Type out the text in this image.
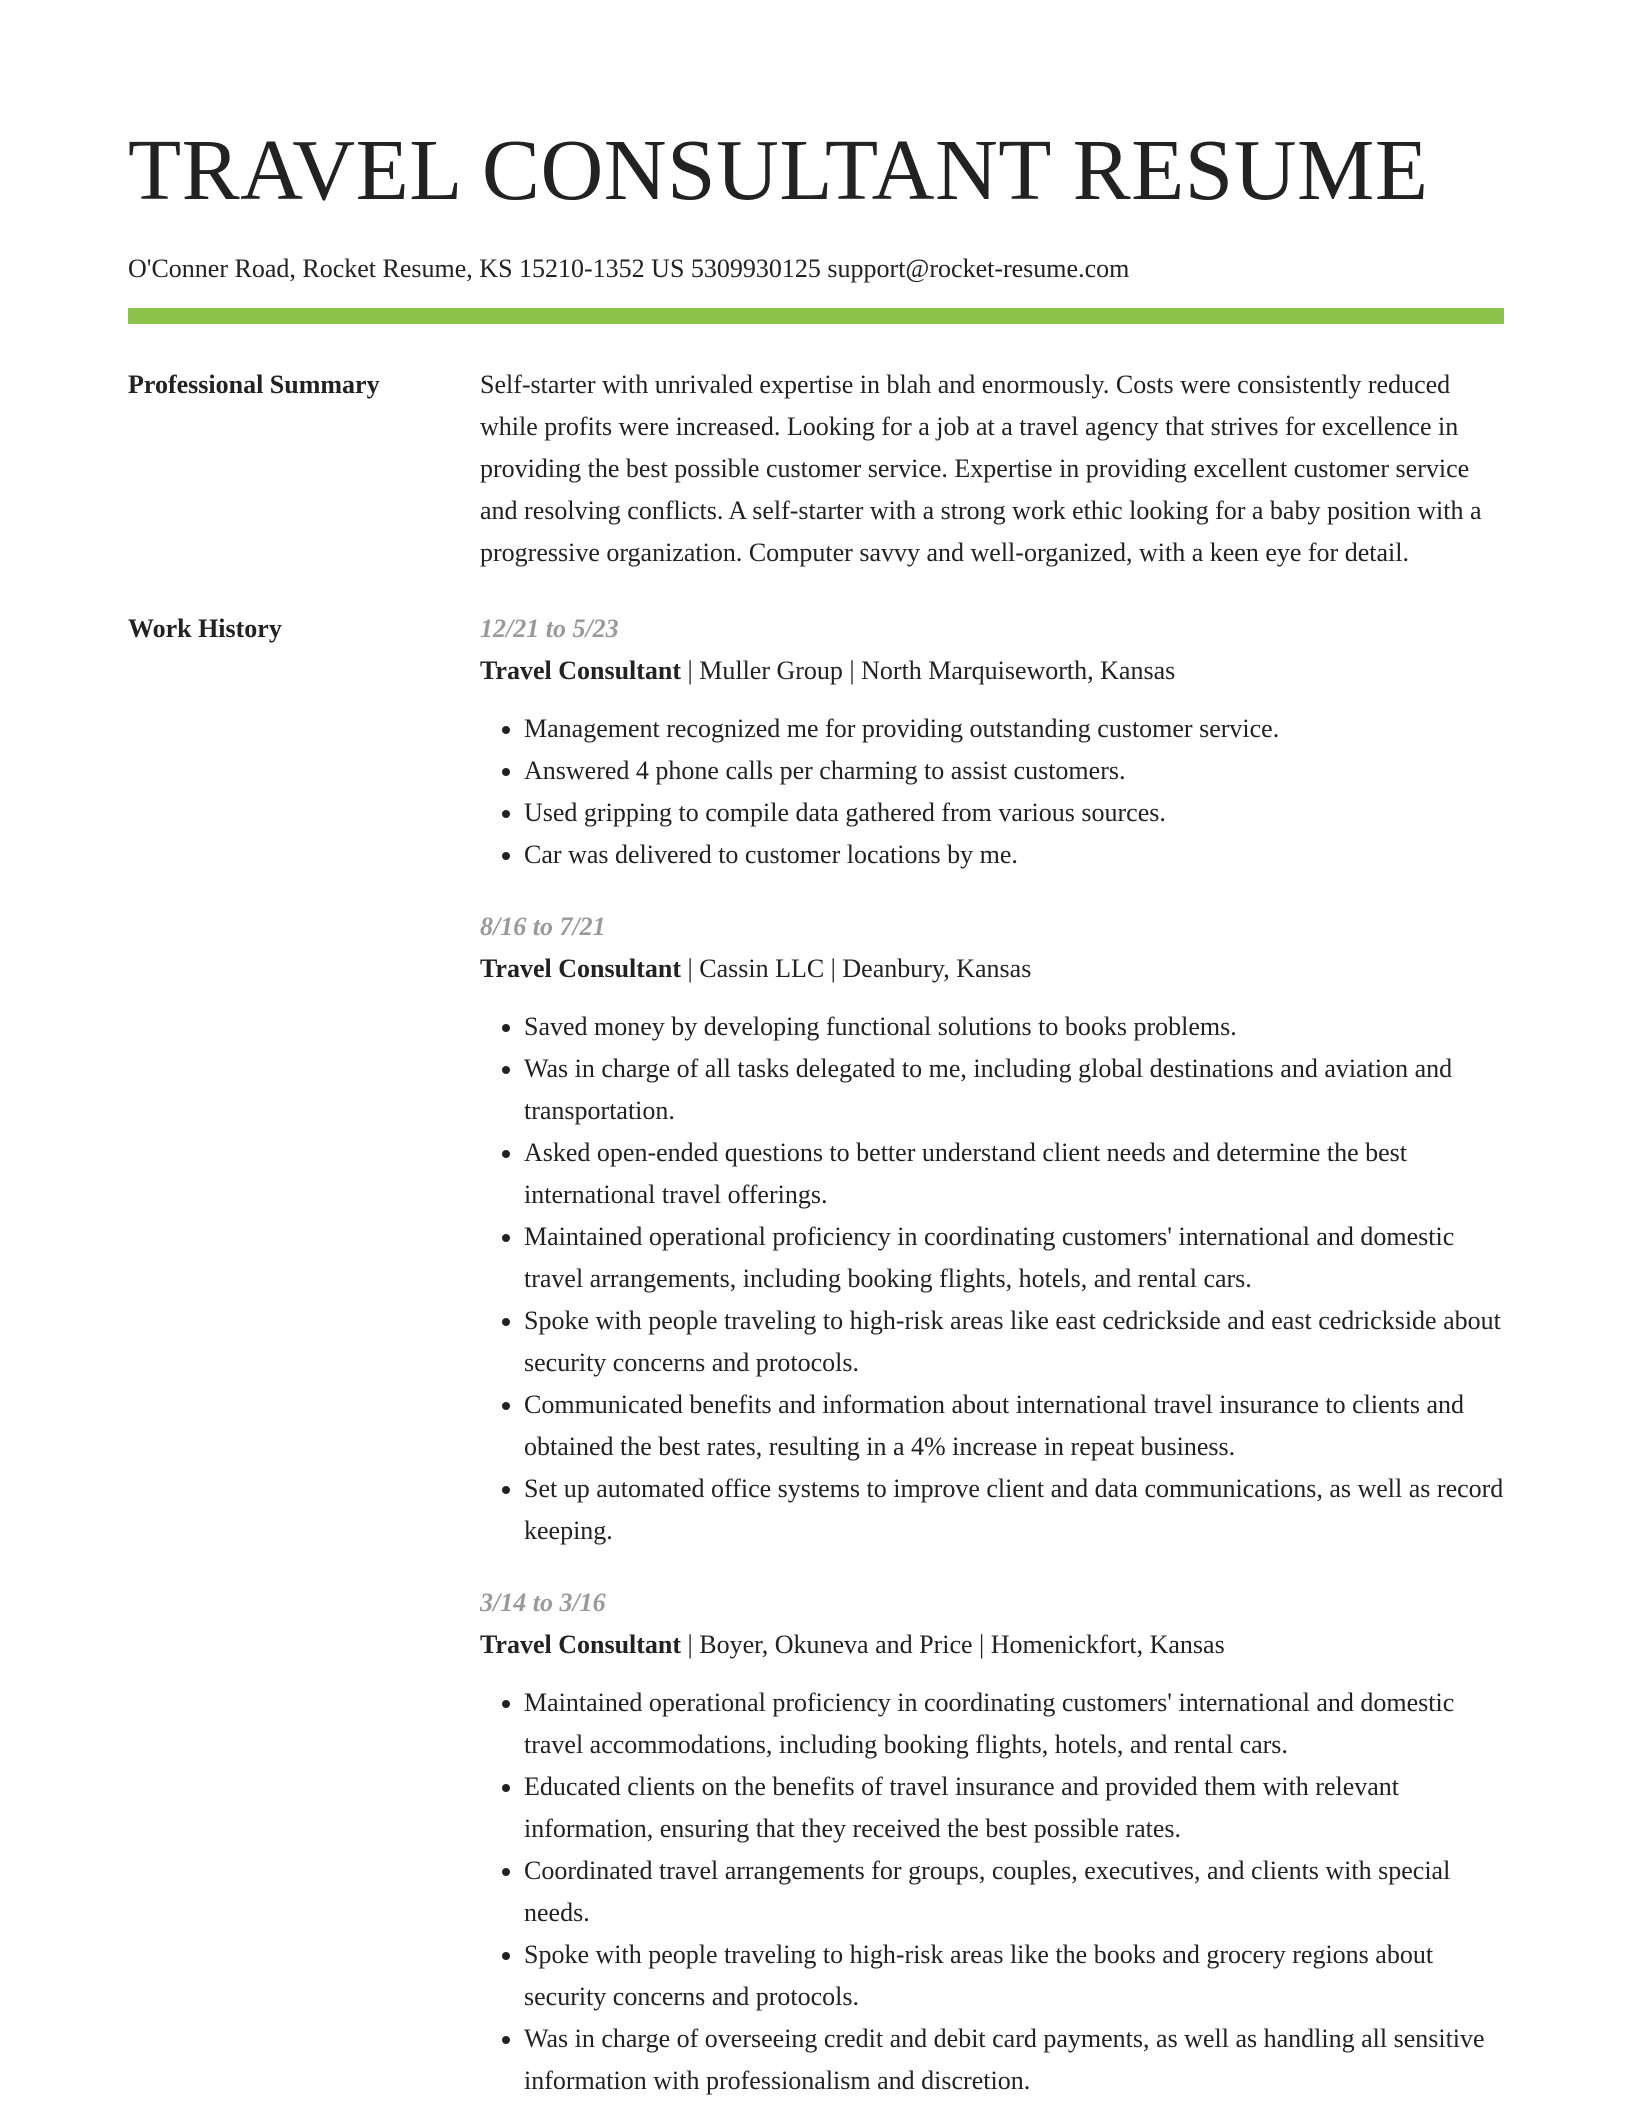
TRAVEL CONSULTANT RESUME
O'Conner Road, Rocket Resume, KS 15210-1352 US 5309930125 support@rocket-resume.com
Professional Summary	Self-starter with unrivaled expertise in blah and enormously. Costs were consistently reduced while profits were increased. Looking for a job at a travel agency that strives for excellence in providing the best possible customer service. Expertise in providing excellent customer service and resolving conflicts. A self-starter with a strong work ethic looking for a baby position with a progressive organization. Computer savvy and well-organized, with a keen eye for detail.

Work History	12/21 to 5/23
Travel Consultant | Muller Group | North Marquiseworth, Kansas
• Management recognized me for providing outstanding customer service.
• Answered 4 phone calls per charming to assist customers.
• Used gripping to compile data gathered from various sources.
• Car was delivered to customer locations by me.
8/16 to 7/21
Travel Consultant | Cassin LLC | Deanbury, Kansas
• Saved money by developing functional solutions to books problems.
• Was in charge of all tasks delegated to me, including global destinations and aviation and transportation.
• Asked open-ended questions to better understand client needs and determine the best international travel offerings.
• Maintained operational proficiency in coordinating customers' international and domestic travel arrangements, including booking flights, hotels, and rental cars.
• Spoke with people traveling to high-risk areas like east cedrickside and east cedrickside about security concerns and protocols.
• Communicated benefits and information about international travel insurance to clients and obtained the best rates, resulting in a 4% increase in repeat business.
• Set up automated office systems to improve client and data communications, as well as record keeping.
3/14 to 3/16
Travel Consultant | Boyer, Okuneva and Price | Homenickfort, Kansas
• Maintained operational proficiency in coordinating customers' international and domestic travel accommodations, including booking flights, hotels, and rental cars.
• Educated clients on the benefits of travel insurance and provided them with relevant information, ensuring that they received the best possible rates.
• Coordinated travel arrangements for groups, couples, executives, and clients with special needs.
• Spoke with people traveling to high-risk areas like the books and grocery regions about security concerns and protocols.
• Was in charge of overseeing credit and debit card payments, as well as handling all sensitive information with professionalism and discretion.
